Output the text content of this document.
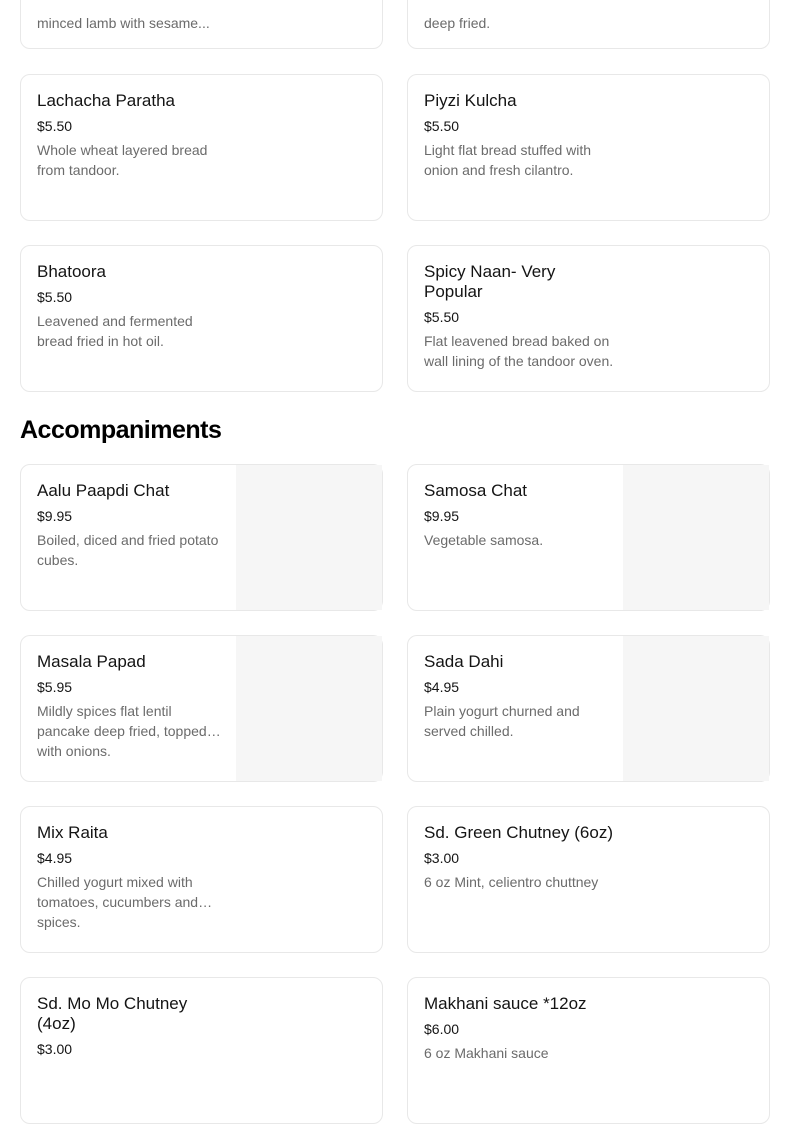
minced lamb with sesame...	deep fried.
Lachacha Paratha
$5.50
Whole wheat layered bread from tandoor.
Piyzi Kulcha
$5.50
Light flat bread stuffed with onion and fresh cilantro.
Bhatoora
$5.50
Leavened and fermented bread fried in hot oil.
Spicy Naan- Very Popular
$5.50
Flat leavened bread baked on wall lining of the tandoor oven.
Accompaniments
Aalu Paapdi Chat
$9.95
Boiled, diced and fried potato cubes.
Samosa Chat
$9.95
Vegetable samosa.
Masala Papad
$5.95
Mildly spices flat lentil pancake deep fried, topped with onions.
Sada Dahi
$4.95
Plain yogurt churned and served chilled.
Mix Raita
$4.95
Chilled yogurt mixed with tomatoes, cucumbers and spices.
Sd. Green Chutney (6oz)
$3.00
6 oz Mint, celientro chuttney
Sd. Mo Mo Chutney (4oz)
$3.00
Makhani sauce *12oz
$6.00
6 oz Makhani sauce
